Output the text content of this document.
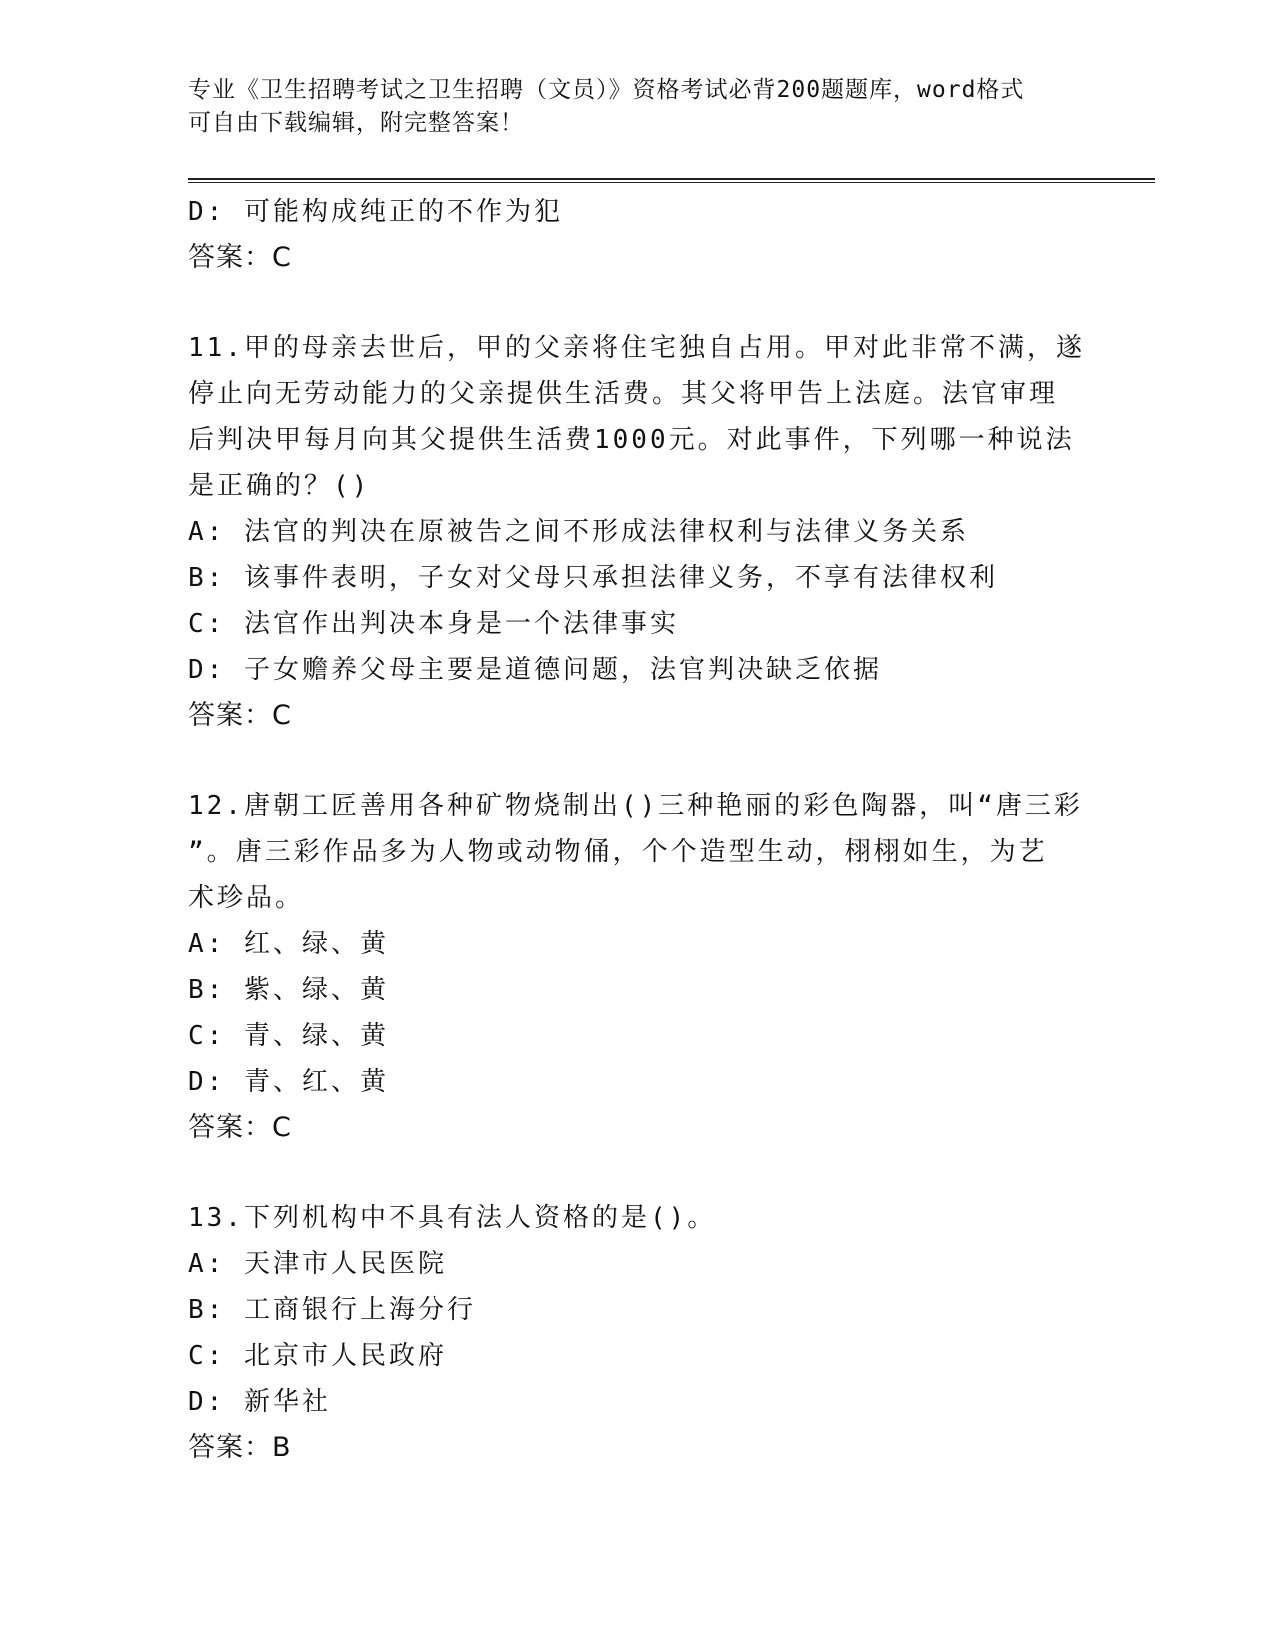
专业《卫生招聘考试之卫生招聘（文员）》资格考试必背200题题库，word格式
可自由下载编辑，附完整答案！
D: 可能构成纯正的不作为犯
答案：C
11.甲的母亲去世后，甲的父亲将住宅独自占用。甲对此非常不满，遂
停止向无劳动能力的父亲提供生活费。其父将甲告上法庭。法官审理
后判决甲每月向其父提供生活费1000元。对此事件，下列哪一种说法
是正确的？()
A: 法官的判决在原被告之间不形成法律权利与法律义务关系
B: 该事件表明，子女对父母只承担法律义务，不享有法律权利
C: 法官作出判决本身是一个法律事实
D: 子女赡养父母主要是道德问题，法官判决缺乏依据
答案：C
12.唐朝工匠善用各种矿物烧制出()三种艳丽的彩色陶器，叫“唐三彩
”。唐三彩作品多为人物或动物俑，个个造型生动，栩栩如生，为艺
术珍品。
A: 红、绿、黄
B: 紫、绿、黄
C: 青、绿、黄
D: 青、红、黄
答案：C
13.下列机构中不具有法人资格的是()。
A: 天津市人民医院
B: 工商银行上海分行
C: 北京市人民政府
D: 新华社
答案：B
